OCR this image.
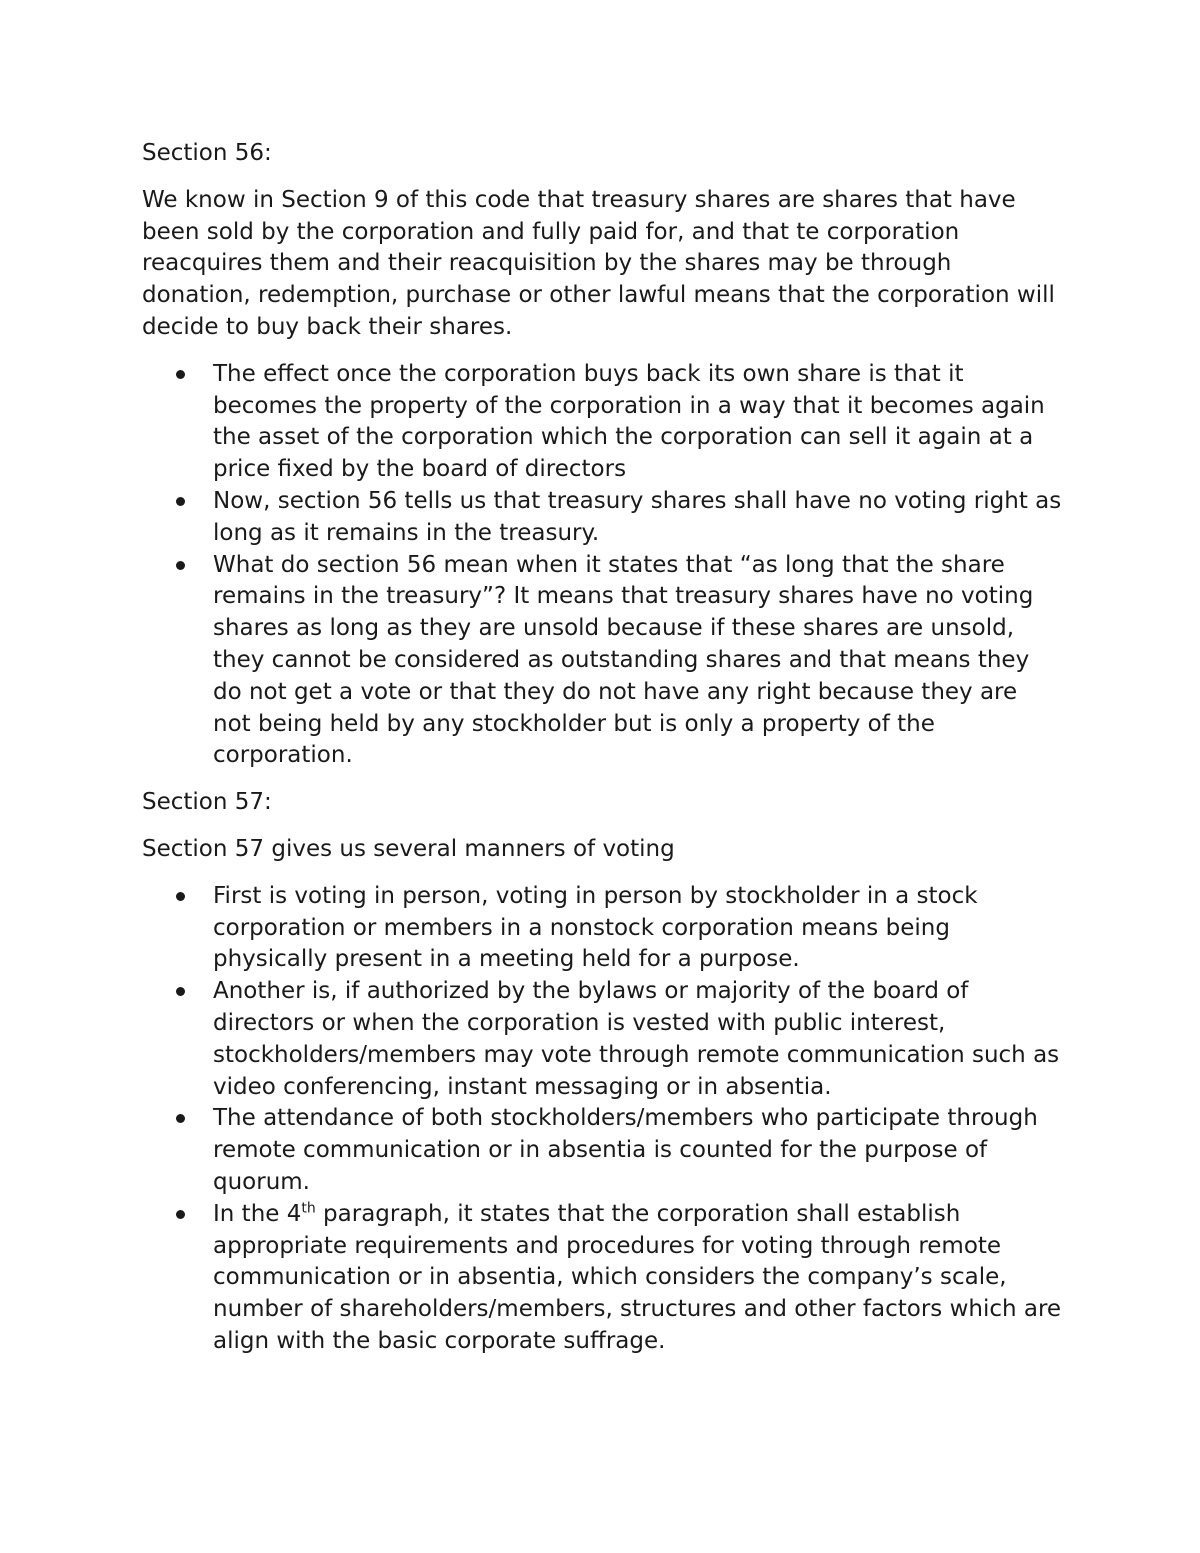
Section 56:

We know in Section 9 of this code that treasury shares are shares that have been sold by the corporation and fully paid for, and that te corporation reacquires them and their reacquisition by the shares may be through donation, redemption, purchase or other lawful means that the corporation will decide to buy back their shares.

The effect once the corporation buys back its own share is that it becomes the property of the corporation in a way that it becomes again the asset of the corporation which the corporation can sell it again at a price fixed by the board of directors
Now, section 56 tells us that treasury shares shall have no voting right as long as it remains in the treasury.
What do section 56 mean when it states that “as long that the share remains in the treasury”? It means that treasury shares have no voting shares as long as they are unsold because if these shares are unsold, they cannot be considered as outstanding shares and that means they do not get a vote or that they do not have any right because they are not being held by any stockholder but is only a property of the corporation.

Section 57:

Section 57 gives us several manners of voting

First is voting in person, voting in person by stockholder in a stock corporation or members in a nonstock corporation means being physically present in a meeting held for a purpose.
Another is, if authorized by the bylaws or majority of the board of directors or when the corporation is vested with public interest, stockholders/members may vote through remote communication such as video conferencing, instant messaging or in absentia.
The attendance of both stockholders/members who participate through remote communication or in absentia is counted for the purpose of quorum.
In the 4th paragraph, it states that the corporation shall establish appropriate requirements and procedures for voting through remote communication or in absentia, which considers the company’s scale, number of shareholders/members, structures and other factors which are align with the basic corporate suffrage.
